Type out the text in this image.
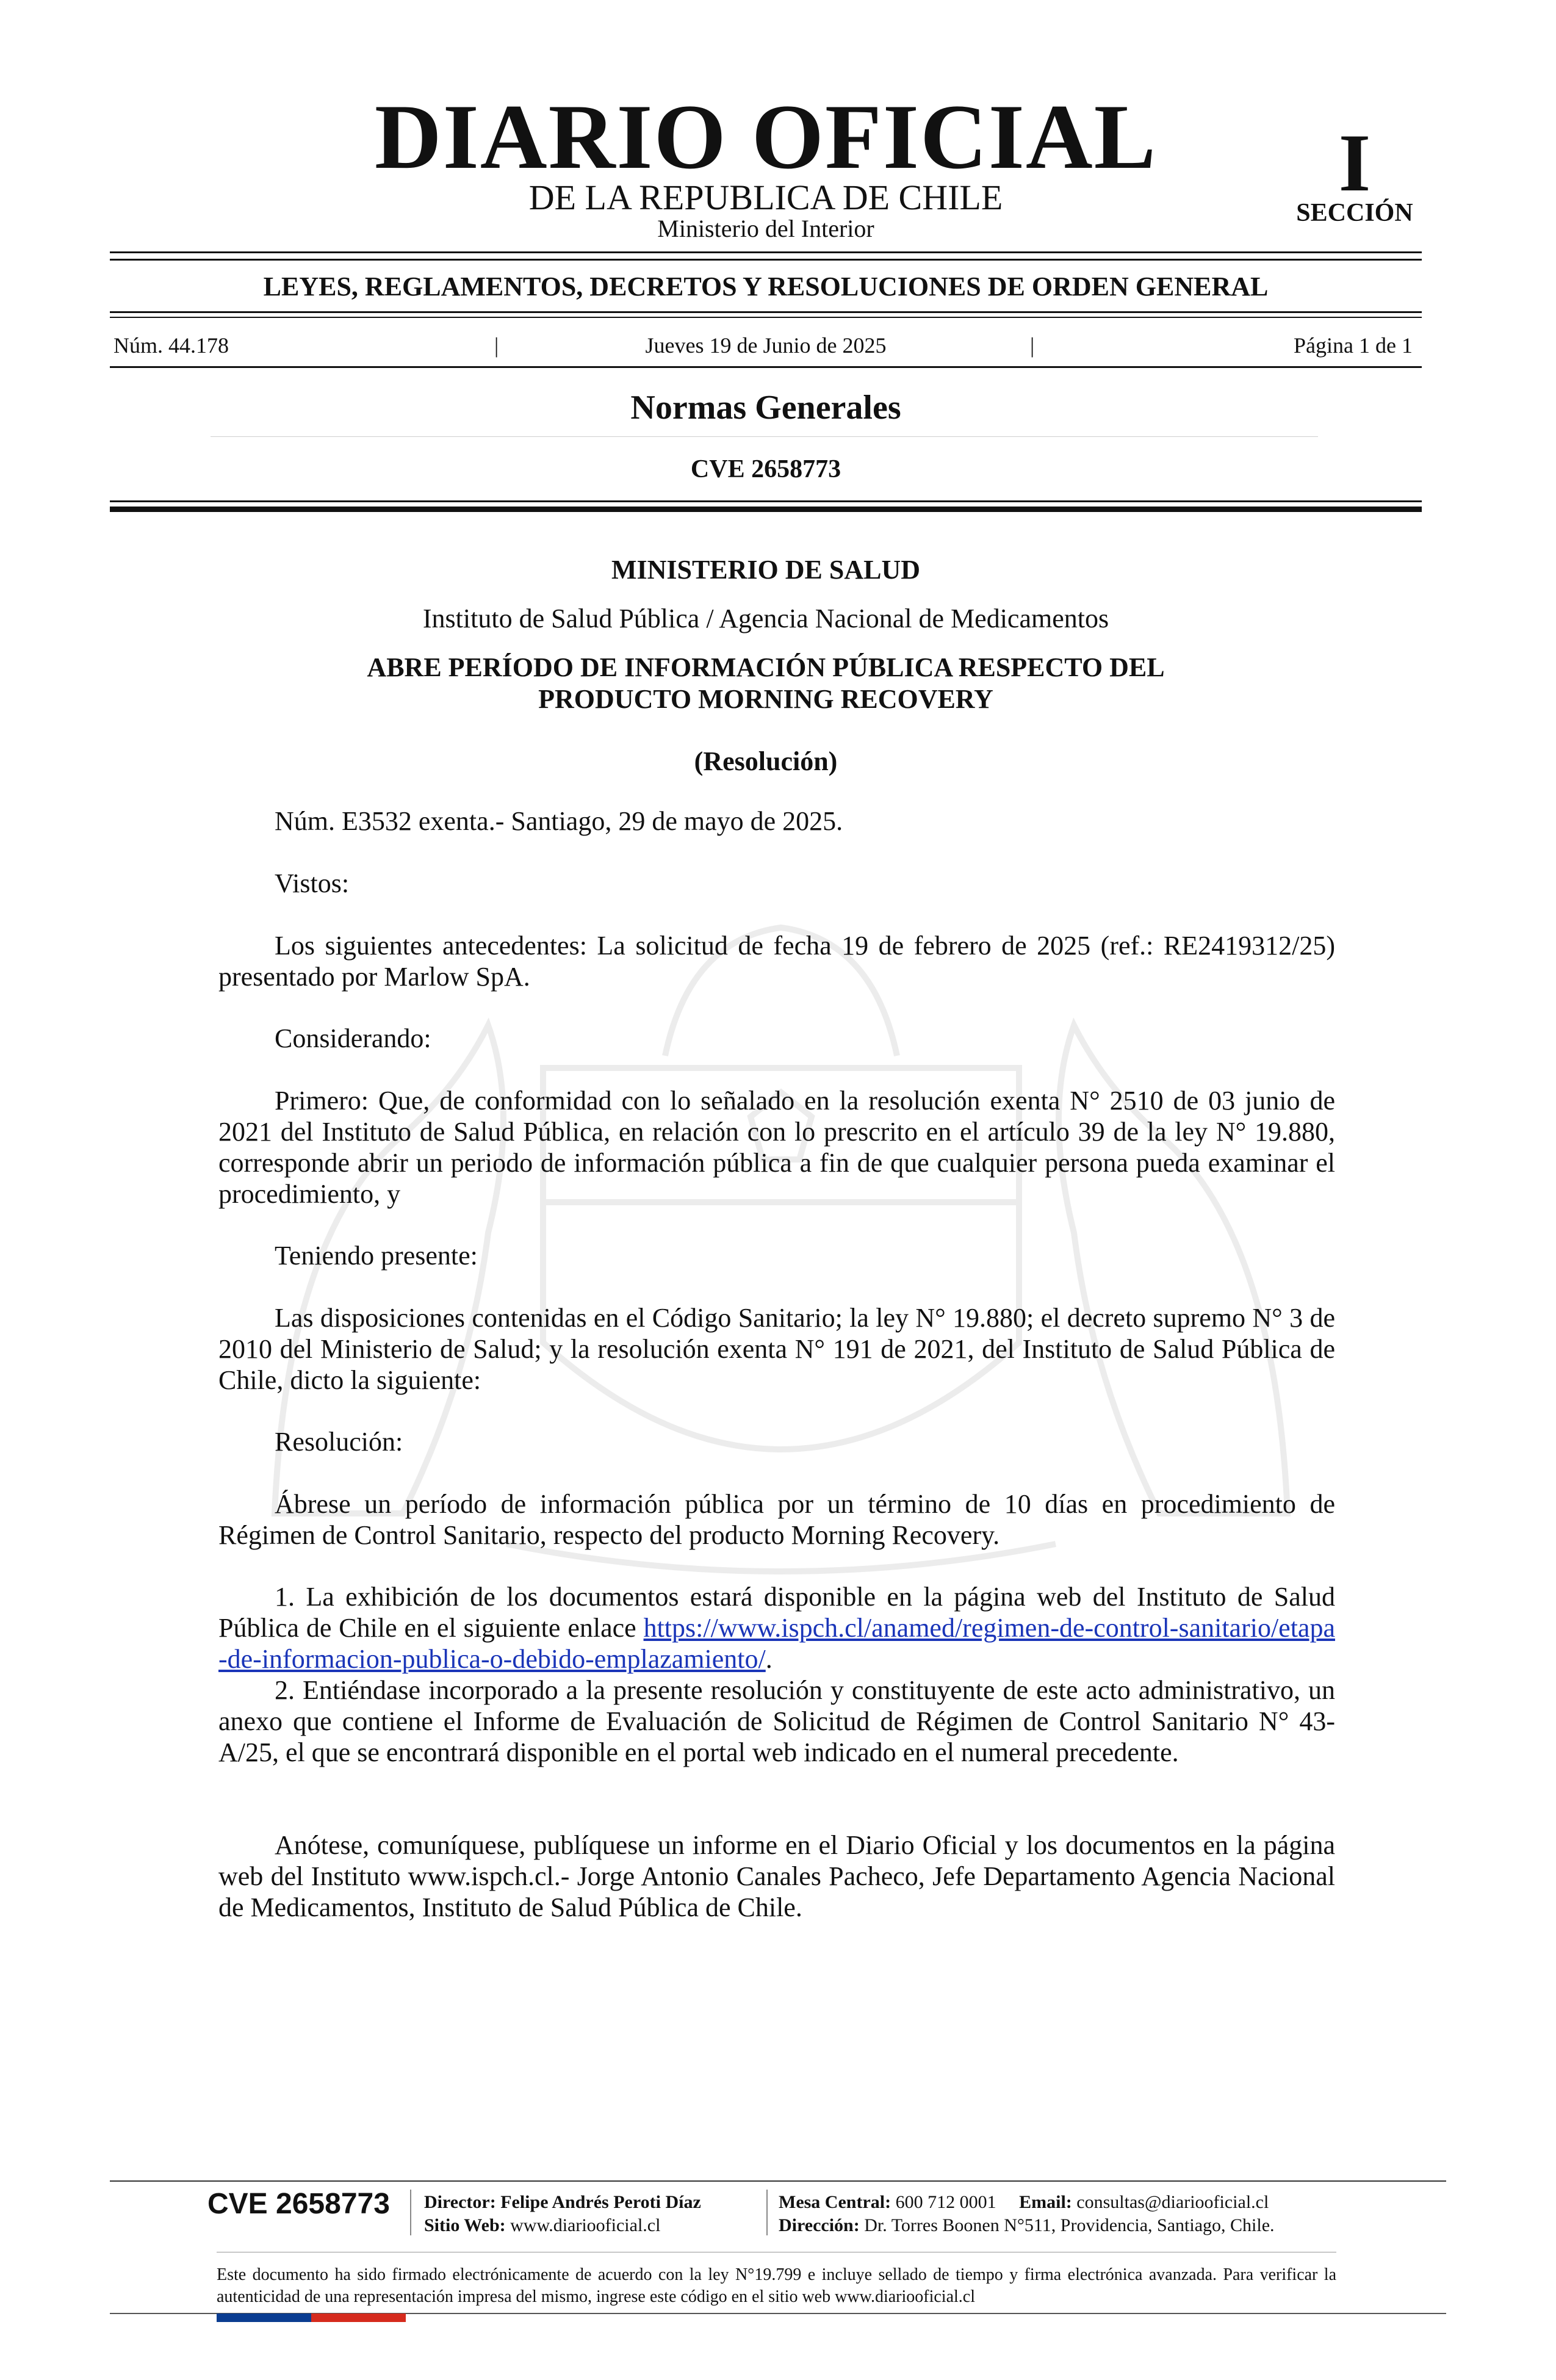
DIARIO OFICIAL
DE LA REPUBLICA DE CHILE
Ministerio del Interior
I
SECCIÓN
LEYES, REGLAMENTOS, DECRETOS Y RESOLUCIONES DE ORDEN GENERAL
Núm. 44.178	|	Jueves 19 de Junio de 2025	|	Página 1 de 1
Normas Generales
CVE 2658773
MINISTERIO DE SALUD
Instituto de Salud Pública / Agencia Nacional de Medicamentos
ABRE PERÍODO DE INFORMACIÓN PÚBLICA RESPECTO DEL
PRODUCTO MORNING RECOVERY
(Resolución)
Núm. E3532 exenta.- Santiago, 29 de mayo de 2025.
Vistos:
Los siguientes antecedentes: La solicitud de fecha 19 de febrero de 2025 (ref.: RE2419312/25) presentado por Marlow SpA.
Considerando:
Primero: Que, de conformidad con lo señalado en la resolución exenta N° 2510 de 03 junio de 2021 del Instituto de Salud Pública, en relación con lo prescrito en el artículo 39 de la ley N° 19.880, corresponde abrir un periodo de información pública a fin de que cualquier persona pueda examinar el procedimiento, y
Teniendo presente:
Las disposiciones contenidas en el Código Sanitario; la ley N° 19.880; el decreto supremo N° 3 de 2010 del Ministerio de Salud; y la resolución exenta N° 191 de 2021, del Instituto de Salud Pública de Chile, dicto la siguiente:
Resolución:
Ábrese un período de información pública por un término de 10 días en procedimiento de Régimen de Control Sanitario, respecto del producto Morning Recovery.
1. La exhibición de los documentos estará disponible en la página web del Instituto de Salud Pública de Chile en el siguiente enlace https://www.ispch.cl/anamed/regimen-de-control-sanitario/etapa-de-informacion-publica-o-debido-emplazamiento/.
2. Entiéndase incorporado a la presente resolución y constituyente de este acto administrativo, un anexo que contiene el Informe de Evaluación de Solicitud de Régimen de Control Sanitario N° 43-A/25, el que se encontrará disponible en el portal web indicado en el numeral precedente.
Anótese, comuníquese, publíquese un informe en el Diario Oficial y los documentos en la página web del Instituto www.ispch.cl.- Jorge Antonio Canales Pacheco, Jefe Departamento Agencia Nacional de Medicamentos, Instituto de Salud Pública de Chile.
CVE 2658773 Director: Felipe Andrés Peroti Díaz
Sitio Web: www.diariooficial.cl
Mesa Central: 600 712 0001 Email: consultas@diariooficial.cl
Dirección: Dr. Torres Boonen N°511, Providencia, Santiago, Chile.
Este documento ha sido firmado electrónicamente de acuerdo con la ley N°19.799 e incluye sellado de tiempo y firma electrónica avanzada. Para verificar la autenticidad de una representación impresa del mismo, ingrese este código en el sitio web www.diariooficial.cl
